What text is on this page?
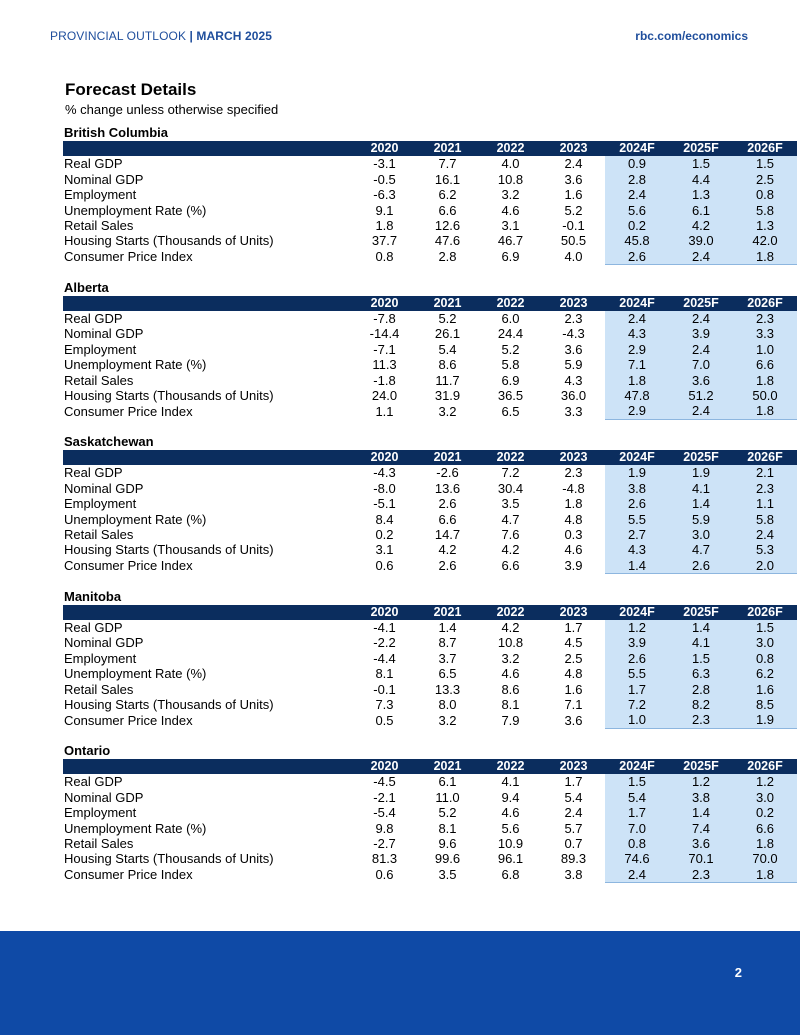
PROVINCIAL OUTLOOK | MARCH 2025	rbc.com/economics
Forecast Details
% change unless otherwise specified
British Columbia
	2020	2021	2022	2023	2024F	2025F	2026F
Real GDP	-3.1	7.7	4.0	2.4	0.9	1.5	1.5
Nominal GDP	-0.5	16.1	10.8	3.6	2.8	4.4	2.5
Employment	-6.3	6.2	3.2	1.6	2.4	1.3	0.8
Unemployment Rate (%)	9.1	6.6	4.6	5.2	5.6	6.1	5.8
Retail Sales	1.8	12.6	3.1	-0.1	0.2	4.2	1.3
Housing Starts (Thousands of Units)	37.7	47.6	46.7	50.5	45.8	39.0	42.0
Consumer Price Index	0.8	2.8	6.9	4.0	2.6	2.4	1.8
Alberta
	2020	2021	2022	2023	2024F	2025F	2026F
Real GDP	-7.8	5.2	6.0	2.3	2.4	2.4	2.3
Nominal GDP	-14.4	26.1	24.4	-4.3	4.3	3.9	3.3
Employment	-7.1	5.4	5.2	3.6	2.9	2.4	1.0
Unemployment Rate (%)	11.3	8.6	5.8	5.9	7.1	7.0	6.6
Retail Sales	-1.8	11.7	6.9	4.3	1.8	3.6	1.8
Housing Starts (Thousands of Units)	24.0	31.9	36.5	36.0	47.8	51.2	50.0
Consumer Price Index	1.1	3.2	6.5	3.3	2.9	2.4	1.8
Saskatchewan
	2020	2021	2022	2023	2024F	2025F	2026F
Real GDP	-4.3	-2.6	7.2	2.3	1.9	1.9	2.1
Nominal GDP	-8.0	13.6	30.4	-4.8	3.8	4.1	2.3
Employment	-5.1	2.6	3.5	1.8	2.6	1.4	1.1
Unemployment Rate (%)	8.4	6.6	4.7	4.8	5.5	5.9	5.8
Retail Sales	0.2	14.7	7.6	0.3	2.7	3.0	2.4
Housing Starts (Thousands of Units)	3.1	4.2	4.2	4.6	4.3	4.7	5.3
Consumer Price Index	0.6	2.6	6.6	3.9	1.4	2.6	2.0
Manitoba
	2020	2021	2022	2023	2024F	2025F	2026F
Real GDP	-4.1	1.4	4.2	1.7	1.2	1.4	1.5
Nominal GDP	-2.2	8.7	10.8	4.5	3.9	4.1	3.0
Employment	-4.4	3.7	3.2	2.5	2.6	1.5	0.8
Unemployment Rate (%)	8.1	6.5	4.6	4.8	5.5	6.3	6.2
Retail Sales	-0.1	13.3	8.6	1.6	1.7	2.8	1.6
Housing Starts (Thousands of Units)	7.3	8.0	8.1	7.1	7.2	8.2	8.5
Consumer Price Index	0.5	3.2	7.9	3.6	1.0	2.3	1.9
Ontario
	2020	2021	2022	2023	2024F	2025F	2026F
Real GDP	-4.5	6.1	4.1	1.7	1.5	1.2	1.2
Nominal GDP	-2.1	11.0	9.4	5.4	5.4	3.8	3.0
Employment	-5.4	5.2	4.6	2.4	1.7	1.4	0.2
Unemployment Rate (%)	9.8	8.1	5.6	5.7	7.0	7.4	6.6
Retail Sales	-2.7	9.6	10.9	0.7	0.8	3.6	1.8
Housing Starts (Thousands of Units)	81.3	99.6	96.1	89.3	74.6	70.1	70.0
Consumer Price Index	0.6	3.5	6.8	3.8	2.4	2.3	1.8
2
